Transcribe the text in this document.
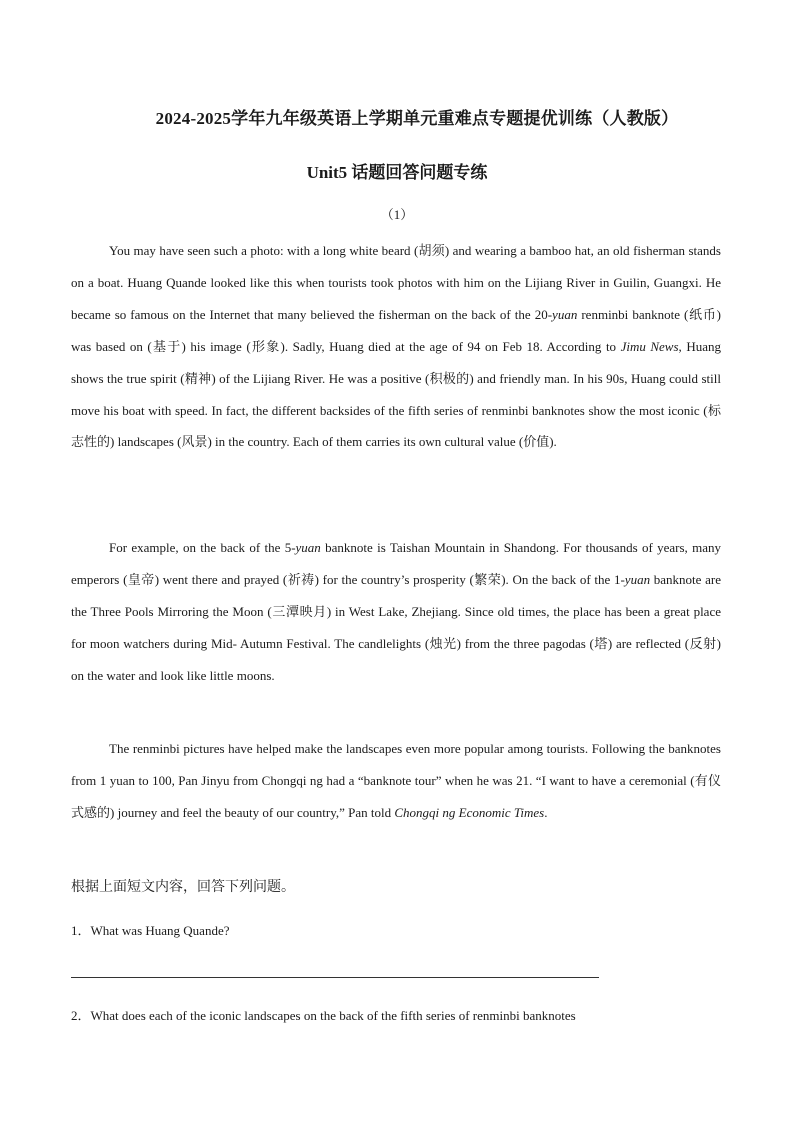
2024-2025学年九年级英语上学期单元重难点专题提优训练（人教版）
Unit5 话题回答问题专练
（1）

You may have seen such a photo: with a long white beard (胡须) and wearing a bamboo hat, an old fisherman stands on a boat. Huang Quande looked like this when tourists took photos with him on the Lijiang River in Guilin, Guangxi. He became so famous on the Internet that many believed the fisherman on the back of the 20-yuan renminbi banknote (纸币) was based on (基于) his image (形象). Sadly, Huang died at the age of 94 on Feb 18. According to Jimu News, Huang shows the true spirit (精神) of the Lijiang River. He was a positive (积极的) and friendly man. In his 90s, Huang could still move his boat with speed. In fact, the different backsides of the fifth series of renminbi banknotes show the most iconic (标志性的) landscapes (风景) in the country. Each of them carries its own cultural value (价值).

For example, on the back of the 5-yuan banknote is Taishan Mountain in Shandong. For thousands of years, many emperors (皇帝) went there and prayed (祈祷) for the country’s prosperity (繁荣). On the back of the 1-yuan banknote are the Three Pools Mirroring the Moon (三潭映月) in West Lake, Zhejiang. Since old times, the place has been a great place for moon watchers during Mid- Autumn Festival. The candlelights (烛光) from the three pagodas (塔) are reflected (反射) on the water and look like little moons.

The renminbi pictures have helped make the landscapes even more popular among tourists. Following the banknotes from 1 yuan to 100, Pan Jinyu from Chongqi ng had a “banknote tour” when he was 21. “I want to have a ceremonial (有仪式感的) journey and feel the beauty of our country,” Pan told Chongqi ng Economic Times.

根据上面短文内容，回答下列问题。
1．What was Huang Quande?
2．What does each of the iconic landscapes on the back of the fifth series of renminbi banknotes
